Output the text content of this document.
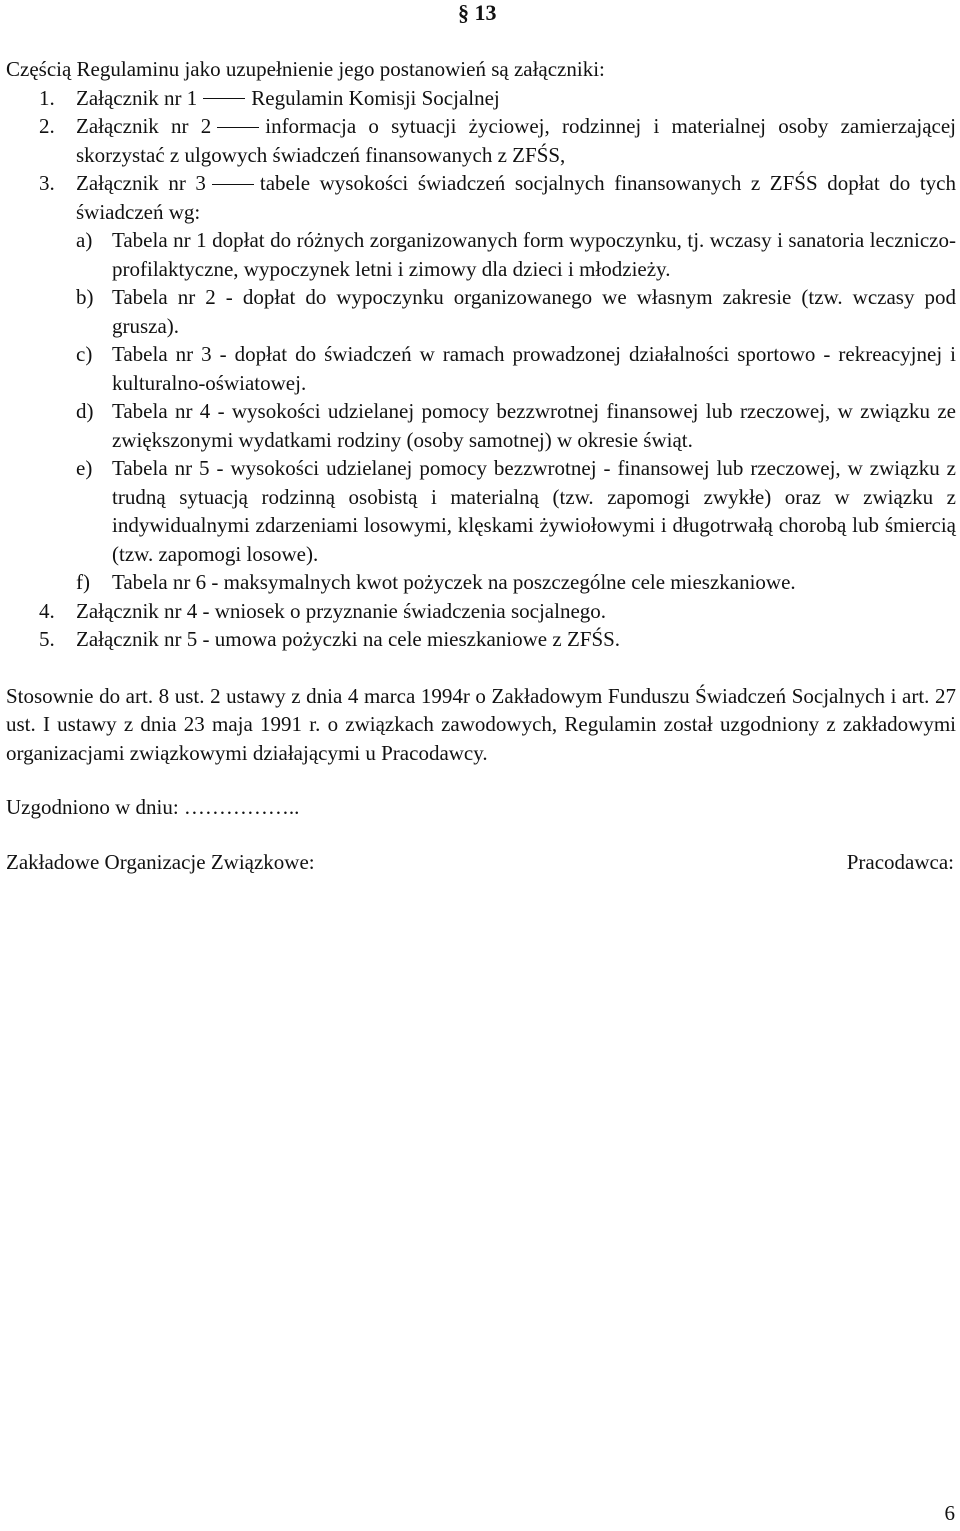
§ 13

Częścią Regulaminu jako uzupełnienie jego postanowień są załączniki:

1. Załącznik nr 1	Regulamin Komisji Socjalnej
2. Załącznik nr 2	informacja o sytuacji życiowej, rodzinnej i materialnej osoby zamierzającej skorzystać z ulgowych świadczeń finansowanych z ZFŚS,
3. Załącznik nr 3	tabele wysokości świadczeń socjalnych finansowanych z ZFŚS dopłat do tych świadczeń wg:
a) Tabela nr 1 dopłat do różnych zorganizowanych form wypoczynku, tj. wczasy i sanatoria leczniczo-profilaktyczne, wypoczynek letni i zimowy dla dzieci i młodzieży.
b) Tabela nr 2 - dopłat do wypoczynku organizowanego we własnym zakresie (tzw. wczasy pod grusza).
c) Tabela nr 3 - dopłat do świadczeń w ramach prowadzonej działalności sportowo - rekreacyjnej i kulturalno-oświatowej.
d) Tabela nr 4 - wysokości udzielanej pomocy bezzwrotnej finansowej lub rzeczowej, w związku ze zwiększonymi wydatkami rodziny (osoby samotnej) w okresie świąt.
e) Tabela nr 5 - wysokości udzielanej pomocy bezzwrotnej - finansowej lub rzeczowej, w związku z trudną sytuacją rodzinną osobistą i materialną (tzw. zapomogi zwykłe) oraz w związku z indywidualnymi zdarzeniami losowymi, klęskami żywiołowymi i długotrwałą chorobą lub śmiercią (tzw. zapomogi losowe).
f) Tabela nr 6 - maksymalnych kwot pożyczek na poszczególne cele mieszkaniowe.
4. Załącznik nr 4 - wniosek o przyznanie świadczenia socjalnego.
5. Załącznik nr 5 - umowa pożyczki na cele mieszkaniowe z ZFŚS.

Stosownie do art. 8 ust. 2 ustawy z dnia 4 marca 1994r o Zakładowym Funduszu Świadczeń Socjalnych i art. 27 ust. I ustawy z dnia 23 maja 1991 r. o związkach zawodowych, Regulamin został uzgodniony z zakładowymi organizacjami związkowymi działającymi u Pracodawcy.

Uzgodniono w dniu: ……………..

Zakładowe Organizacje Związkowe:	Pracodawca:
6
